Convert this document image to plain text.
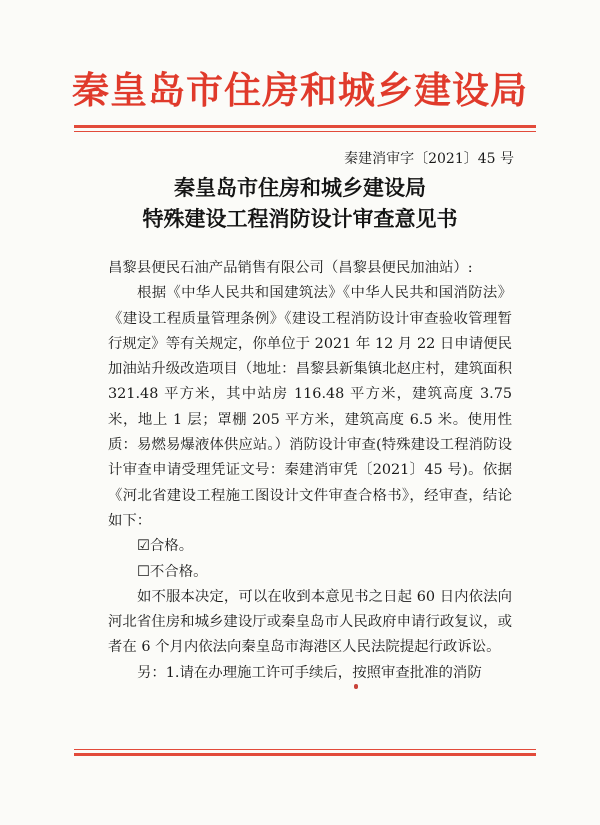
秦皇岛市住房和城乡建设局
秦建消审字〔2021〕45 号
秦皇岛市住房和城乡建设局
特殊建设工程消防设计审查意见书

昌黎县便民石油产品销售有限公司（昌黎县便民加油站）:

根据《中华人民共和国建筑法》《中华人民共和国消防法》《建设工程质量管理条例》《建设工程消防设计审查验收管理暂行规定》等有关规定，你单位于 2021 年 12 月 22 日申请便民加油站升级改造项目（地址：昌黎县新集镇北赵庄村，建筑面积 321.48 平方米，其中站房 116.48 平方米，建筑高度 3.75 米，地上 1 层；罩棚 205 平方米，建筑高度 6.5 米。使用性质：易燃易爆液体供应站。）消防设计审查(特殊建设工程消防设计审查申请受理凭证文号：秦建消审凭〔2021〕45 号)。依据《河北省建设工程施工图设计文件审查合格书》，经审查，结论如下：

☑合格。

☐不合格。

如不服本决定，可以在收到本意见书之日起 60 日内依法向河北省住房和城乡建设厅或秦皇岛市人民政府申请行政复议，或者在 6 个月内依法向秦皇岛市海港区人民法院提起行政诉讼。

另：1.请在办理施工许可手续后，按照审查批准的消防
